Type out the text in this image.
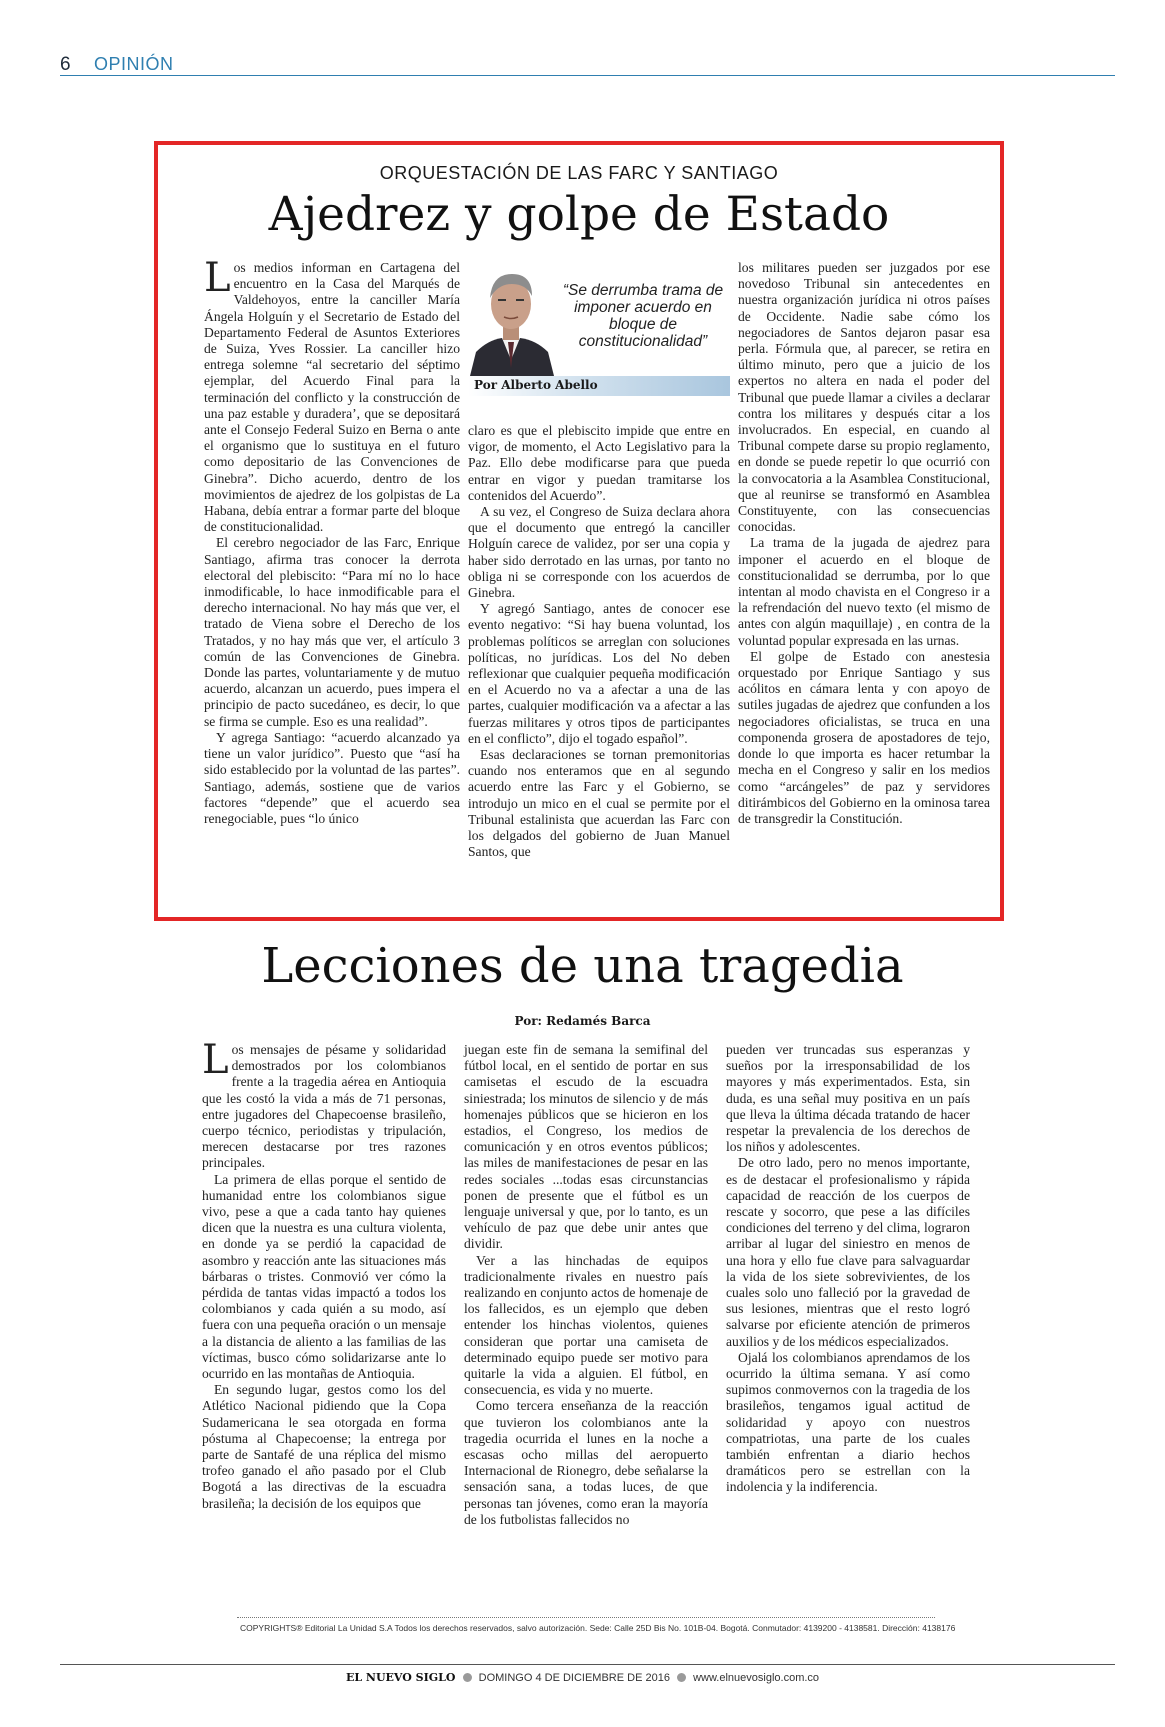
6 OPINIÓN
ORQUESTACIÓN DE LAS FARC Y SANTIAGO
Ajedrez y golpe de Estado

Los medios informan en Cartagena del encuentro en la Casa del Marqués de Valdehoyos, entre la canciller María Ángela Holguín y el Secretario de Estado del Departamento Federal de Asuntos Exteriores de Suiza, Yves Rossier. La canciller hizo entrega solemne “al secretario del séptimo ejemplar, del Acuerdo Final para la terminación del conflicto y la construcción de una paz estable y duradera’, que se depositará ante el Consejo Federal Suizo en Berna o ante el organismo que lo sustituya en el futuro como depositario de las Convenciones de Ginebra”. Dicho acuerdo, dentro de los movimientos de ajedrez de los golpistas de La Habana, debía entrar a formar parte del bloque de constitucionalidad.

El cerebro negociador de las Farc, Enrique Santiago, afirma tras conocer la derrota electoral del plebiscito: “Para mí no lo hace inmodificable, lo hace inmodificable para el derecho internacional. No hay más que ver, el tratado de Viena sobre el Derecho de los Tratados, y no hay más que ver, el artículo 3 común de las Convenciones de Ginebra. Donde las partes, voluntariamente y de mutuo acuerdo, alcanzan un acuerdo, pues impera el principio de pacto sucedáneo, es decir, lo que se firma se cumple. Eso es una realidad”.

Y agrega Santiago: “acuerdo alcanzado ya tiene un valor jurídico”. Puesto que “así ha sido establecido por la voluntad de las partes”. Santiago, además, sostiene que de varios factores “depende” que el acuerdo sea renegociable, pues “lo único

“Se derrumba trama de imponer acuerdo en bloque de constitucionalidad”
Por Alberto Abello

claro es que el plebiscito impide que entre en vigor, de momento, el Acto Legislativo para la Paz. Ello debe modificarse para que pueda entrar en vigor y puedan tramitarse los contenidos del Acuerdo”.

A su vez, el Congreso de Suiza declara ahora que el documento que entregó la canciller Holguín carece de validez, por ser una copia y haber sido derrotado en las urnas, por tanto no obliga ni se corresponde con los acuerdos de Ginebra.

Y agregó Santiago, antes de conocer ese evento negativo: “Si hay buena voluntad, los problemas políticos se arreglan con soluciones políticas, no jurídicas. Los del No deben reflexionar que cualquier pequeña modificación en el Acuerdo no va a afectar a una de las partes, cualquier modificación va a afectar a las fuerzas militares y otros tipos de participantes en el conflicto”, dijo el togado español”.

Esas declaraciones se tornan premonitorias cuando nos enteramos que en al segundo acuerdo entre las Farc y el Gobierno, se introdujo un mico en el cual se permite por el Tribunal estalinista que acuerdan las Farc con los delgados del gobierno de Juan Manuel Santos, que

los militares pueden ser juzgados por ese novedoso Tribunal sin antecedentes en nuestra organización jurídica ni otros países de Occidente. Nadie sabe cómo los negociadores de Santos dejaron pasar esa perla. Fórmula que, al parecer, se retira en último minuto, pero que a juicio de los expertos no altera en nada el poder del Tribunal que puede llamar a civiles a declarar contra los militares y después citar a los involucrados. En especial, en cuando al Tribunal compete darse su propio reglamento, en donde se puede repetir lo que ocurrió con la convocatoria a la Asamblea Constitucional, que al reunirse se transformó en Asamblea Constituyente, con las consecuencias conocidas.

La trama de la jugada de ajedrez para imponer el acuerdo en el bloque de constitucionalidad se derrumba, por lo que intentan al modo chavista en el Congreso ir a la refrendación del nuevo texto (el mismo de antes con algún maquillaje) , en contra de la voluntad popular expresada en las urnas.

El golpe de Estado con anestesia orquestado por Enrique Santiago y sus acólitos en cámara lenta y con apoyo de sutiles jugadas de ajedrez que confunden a los negociadores oficialistas, se truca en una componenda grosera de apostadores de tejo, donde lo que importa es hacer retumbar la mecha en el Congreso y salir en los medios como “arcángeles” de paz y servidores ditirámbicos del Gobierno en la ominosa tarea de transgredir la Constitución.

Lecciones de una tragedia
Por: Redamés Barca

Los mensajes de pésame y solidaridad demostrados por los colombianos frente a la tragedia aérea en Antioquia que les costó la vida a más de 71 personas, entre jugadores del Chapecoense brasileño, cuerpo técnico, periodistas y tripulación, merecen destacarse por tres razones principales.

La primera de ellas porque el sentido de humanidad entre los colombianos sigue vivo, pese a que a cada tanto hay quienes dicen que la nuestra es una cultura violenta, en donde ya se perdió la capacidad de asombro y reacción ante las situaciones más bárbaras o tristes. Conmovió ver cómo la pérdida de tantas vidas impactó a todos los colombianos y cada quién a su modo, así fuera con una pequeña oración o un mensaje a la distancia de aliento a las familias de las víctimas, busco cómo solidarizarse ante lo ocurrido en las montañas de Antioquia.

En segundo lugar, gestos como los del Atlético Nacional pidiendo que la Copa Sudamericana le sea otorgada en forma póstuma al Chapecoense; la entrega por parte de Santafé de una réplica del mismo trofeo ganado el año pasado por el Club Bogotá a las directivas de la escuadra brasileña; la decisión de los equipos que

juegan este fin de semana la semifinal del fútbol local, en el sentido de portar en sus camisetas el escudo de la escuadra siniestrada; los minutos de silencio y de más homenajes públicos que se hicieron en los estadios, el Congreso, los medios de comunicación y en otros eventos públicos; las miles de manifestaciones de pesar en las redes sociales ...todas esas circunstancias ponen de presente que el fútbol es un lenguaje universal y que, por lo tanto, es un vehículo de paz que debe unir antes que dividir.

Ver a las hinchadas de equipos tradicionalmente rivales en nuestro país realizando en conjunto actos de homenaje de los fallecidos, es un ejemplo que deben entender los hinchas violentos, quienes consideran que portar una camiseta de determinado equipo puede ser motivo para quitarle la vida a alguien. El fútbol, en consecuencia, es vida y no muerte.

Como tercera enseñanza de la reacción que tuvieron los colombianos ante la tragedia ocurrida el lunes en la noche a escasas ocho millas del aeropuerto Internacional de Rionegro, debe señalarse la sensación sana, a todas luces, de que personas tan jóvenes, como eran la mayoría de los futbolistas fallecidos no

pueden ver truncadas sus esperanzas y sueños por la irresponsabilidad de los mayores y más experimentados. Esta, sin duda, es una señal muy positiva en un país que lleva la última década tratando de hacer respetar la prevalencia de los derechos de los niños y adolescentes.

De otro lado, pero no menos importante, es de destacar el profesionalismo y rápida capacidad de reacción de los cuerpos de rescate y socorro, que pese a las difíciles condiciones del terreno y del clima, lograron arribar al lugar del siniestro en menos de una hora y ello fue clave para salvaguardar la vida de los siete sobrevivientes, de los cuales solo uno falleció por la gravedad de sus lesiones, mientras que el resto logró salvarse por eficiente atención de primeros auxilios y de los médicos especializados.

Ojalá los colombianos aprendamos de los ocurrido la última semana. Y así como supimos conmovernos con la tragedia de los brasileños, tengamos igual actitud de solidaridad y apoyo con nuestros compatriotas, una parte de los cuales también enfrentan a diario hechos dramáticos pero se estrellan con la indolencia y la indiferencia.

COPYRIGHTS® Editorial La Unidad S.A Todos los derechos reservados, salvo autorización. Sede: Calle 25D Bis No. 101B-04. Bogotá. Conmutador: 4139200 - 4138581. Dirección: 4138176
EL NUEVO SIGLO DOMINGO 4 DE DICIEMBRE DE 2016 www.elnuevosiglo.com.co
